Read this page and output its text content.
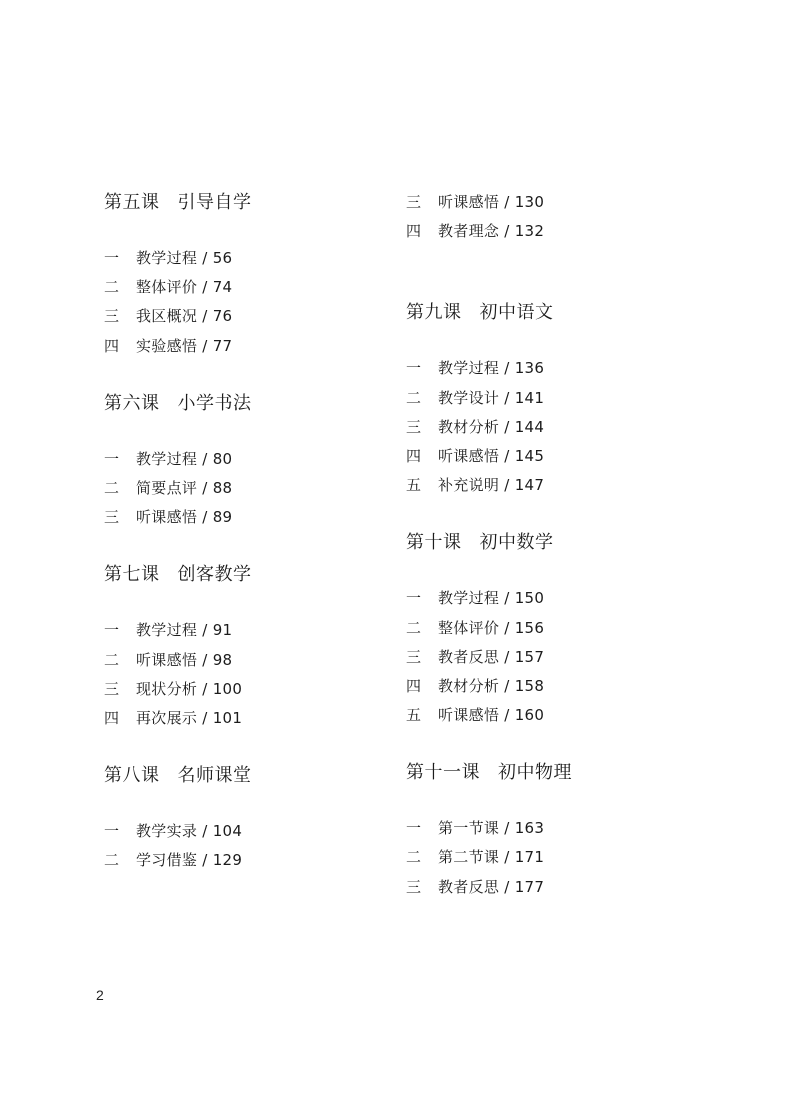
第五课 引导自学
一 教学过程 / 56
二 整体评价 / 74
三 我区概况 / 76
四 实验感悟 / 77
第六课 小学书法
一 教学过程 / 80
二 简要点评 / 88
三 听课感悟 / 89
第七课 创客教学
一 教学过程 / 91
二 听课感悟 / 98
三 现状分析 / 100
四 再次展示 / 101
第八课 名师课堂
一 教学实录 / 104
二 学习借鉴 / 129
三 听课感悟 / 130
四 教者理念 / 132
第九课 初中语文
一 教学过程 / 136
二 教学设计 / 141
三 教材分析 / 144
四 听课感悟 / 145
五 补充说明 / 147
第十课 初中数学
一 教学过程 / 150
二 整体评价 / 156
三 教者反思 / 157
四 教材分析 / 158
五 听课感悟 / 160
第十一课 初中物理
一 第一节课 / 163
二 第二节课 / 171
三 教者反思 / 177
2
